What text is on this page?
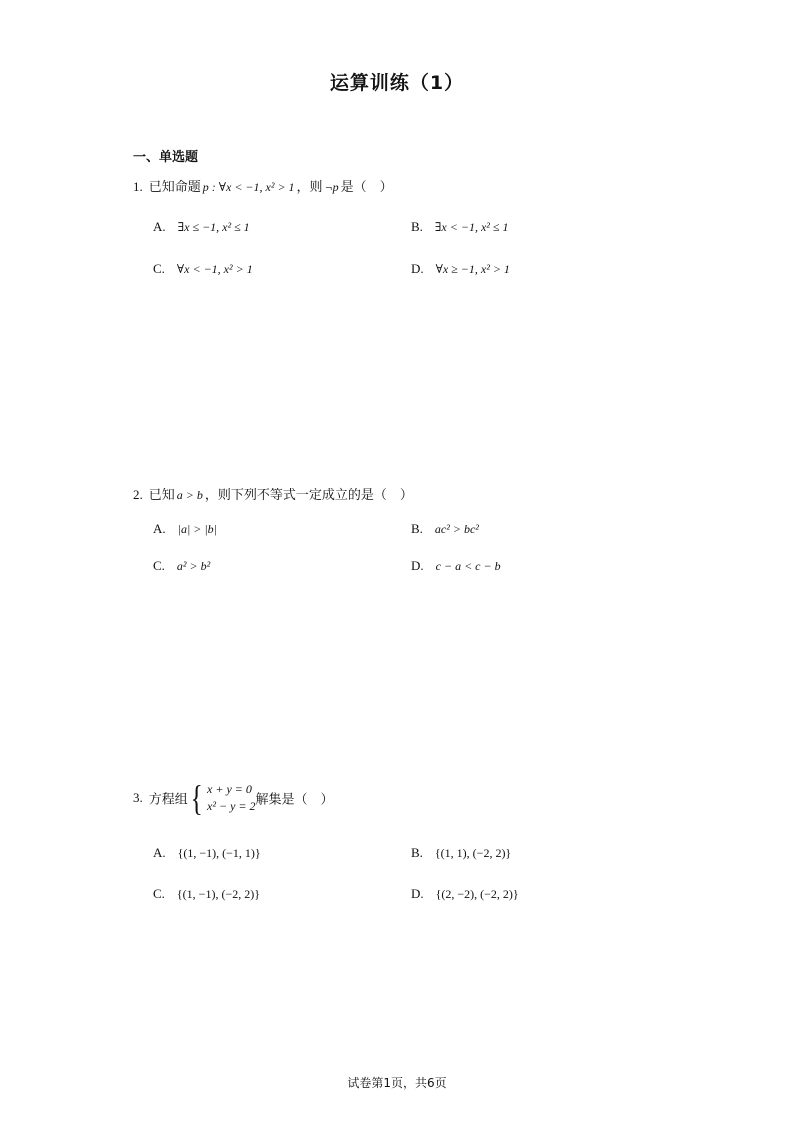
运算训练（1）
一、单选题
1. 已知命题 p : ∀x < −1, x² > 1 ，则 ¬p 是（　）
A. ∃x ≤ −1, x² ≤ 1	B. ∃x < −1, x² ≤ 1
C. ∀x < −1, x² > 1	D. ∀x ≥ −1, x² > 1
2. 已知 a > b ，则下列不等式一定成立的是（　）
A. |a| > |b|	B. ac² > bc²
C. a² > b²	D. c − a < c − b
3. 方程组 { x + y = 0
x² − y = 2 解集是（　）
A. {(1, −1), (−1, 1)}	B. {(1, 1), (−2, 2)}
C. {(1, −1), (−2, 2)}	D. {(2, −2), (−2, 2)}
试卷第1页，共6页
